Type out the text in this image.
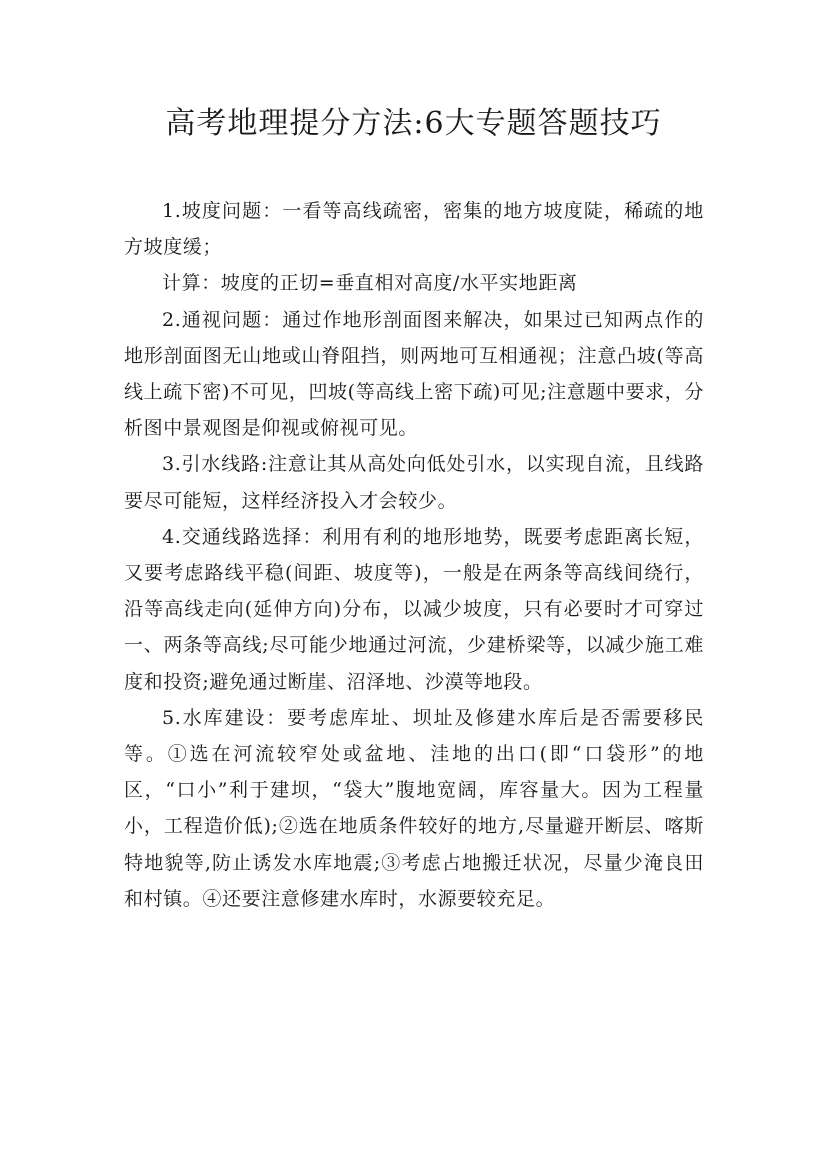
高考地理提分方法:6大专题答题技巧

1.坡度问题：一看等高线疏密，密集的地方坡度陡，稀疏的地方坡度缓；

计算：坡度的正切=垂直相对高度/水平实地距离

2.通视问题：通过作地形剖面图来解决，如果过已知两点作的地形剖面图无山地或山脊阻挡，则两地可互相通视；注意凸坡(等高线上疏下密)不可见，凹坡(等高线上密下疏)可见;注意题中要求，分析图中景观图是仰视或俯视可见。

3.引水线路:注意让其从高处向低处引水，以实现自流，且线路要尽可能短，这样经济投入才会较少。

4.交通线路选择：利用有利的地形地势，既要考虑距离长短，又要考虑路线平稳(间距、坡度等)，一般是在两条等高线间绕行，沿等高线走向(延伸方向)分布，以减少坡度，只有必要时才可穿过一、两条等高线;尽可能少地通过河流，少建桥梁等，以减少施工难度和投资;避免通过断崖、沼泽地、沙漠等地段。

5.水库建设：要考虑库址、坝址及修建水库后是否需要移民等。①选在河流较窄处或盆地、洼地的出口(即“口袋形”的地区，“口小”利于建坝，“袋大”腹地宽阔，库容量大。因为工程量小，工程造价低);②选在地质条件较好的地方,尽量避开断层、喀斯特地貌等,防止诱发水库地震;③考虑占地搬迁状况，尽量少淹良田和村镇。④还要注意修建水库时，水源要较充足。
